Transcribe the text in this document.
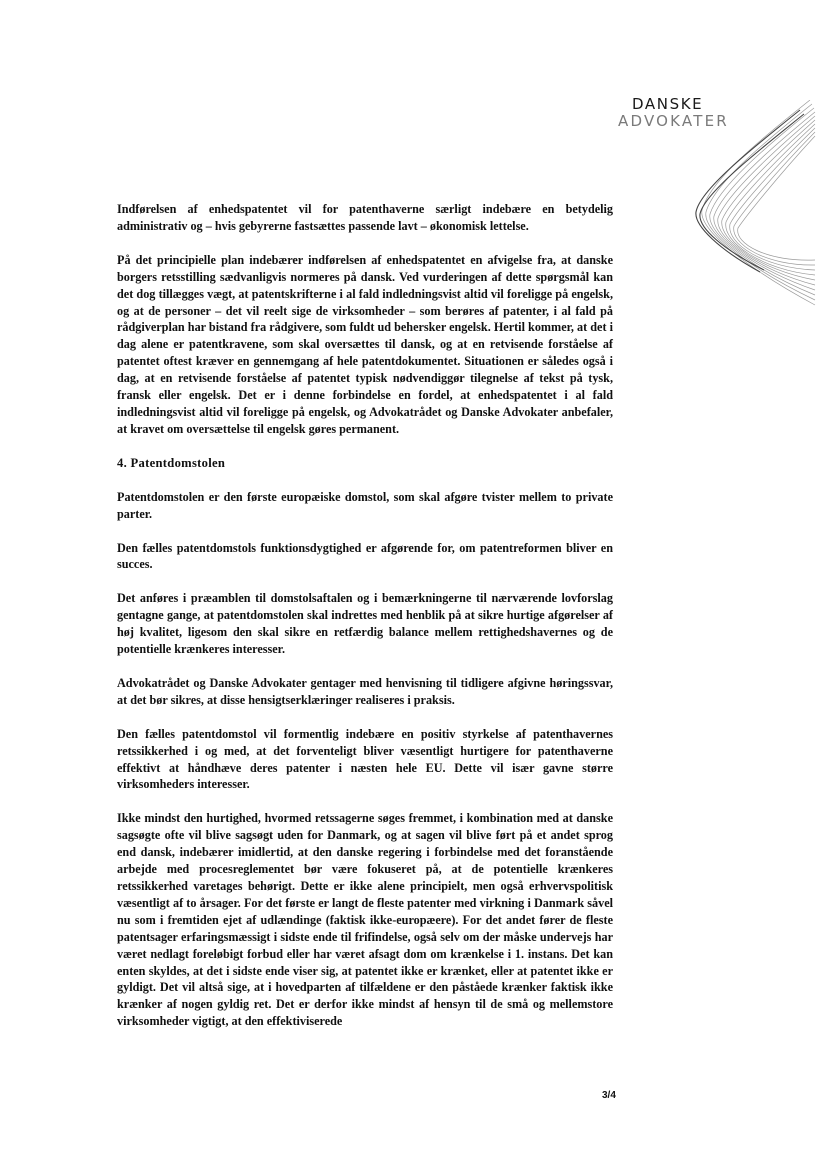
DANSKE
ADVOKATER

Indførelsen af enhedspatentet vil for patenthaverne særligt indebære en betydelig administrativ og – hvis gebyrerne fastsættes passende lavt – økonomisk lettelse.

På det principielle plan indebærer indførelsen af enhedspatentet en afvigelse fra, at danske borgers retsstilling sædvanligvis normeres på dansk. Ved vurderingen af dette spørgsmål kan det dog tillægges vægt, at patentskrifterne i al fald indledningsvist altid vil foreligge på engelsk, og at de personer – det vil reelt sige de virksomheder – som berøres af patenter, i al fald på rådgiverplan har bistand fra rådgivere, som fuldt ud behersker engelsk. Hertil kommer, at det i dag alene er patentkravene, som skal oversættes til dansk, og at en retvisende forståelse af patentet oftest kræver en gennemgang af hele patentdokumentet. Situationen er således også i dag, at en retvisende forståelse af patentet typisk nødvendiggør tilegnelse af tekst på tysk, fransk eller engelsk. Det er i denne forbindelse en fordel, at enhedspatentet i al fald indledningsvist altid vil foreligge på engelsk, og Advokatrådet og Danske Advokater anbefaler, at kravet om oversættelse til engelsk gøres permanent.

4. Patentdomstolen

Patentdomstolen er den første europæiske domstol, som skal afgøre tvister mellem to private parter.

Den fælles patentdomstols funktionsdygtighed er afgørende for, om patentreformen bliver en succes.

Det anføres i præamblen til domstolsaftalen og i bemærkningerne til nærværende lovforslag gentagne gange, at patentdomstolen skal indrettes med henblik på at sikre hurtige afgørelser af høj kvalitet, ligesom den skal sikre en retfærdig balance mellem rettighedshavernes og de potentielle krænkeres interesser.

Advokatrådet og Danske Advokater gentager med henvisning til tidligere afgivne høringssvar, at det bør sikres, at disse hensigtserklæringer realiseres i praksis.

Den fælles patentdomstol vil formentlig indebære en positiv styrkelse af patenthavernes retssikkerhed i og med, at det forventeligt bliver væsentligt hurtigere for patenthaverne effektivt at håndhæve deres patenter i næsten hele EU. Dette vil især gavne større virksomheders interesser.

Ikke mindst den hurtighed, hvormed retssagerne søges fremmet, i kombination med at danske sagsøgte ofte vil blive sagsøgt uden for Danmark, og at sagen vil blive ført på et andet sprog end dansk, indebærer imidlertid, at den danske regering i forbindelse med det foranstående arbejde med procesreglementet bør være fokuseret på, at de potentielle krænkeres retssikkerhed varetages behørigt. Dette er ikke alene principielt, men også erhvervspolitisk væsentligt af to årsager. For det første er langt de fleste patenter med virkning i Danmark såvel nu som i fremtiden ejet af udlændinge (faktisk ikke-europæere). For det andet fører de fleste patentsager erfaringsmæssigt i sidste ende til frifindelse, også selv om der måske undervejs har været nedlagt foreløbigt forbud eller har været afsagt dom om krænkelse i 1. instans. Det kan enten skyldes, at det i sidste ende viser sig, at patentet ikke er krænket, eller at patentet ikke er gyldigt. Det vil altså sige, at i hovedparten af tilfældene er den påståede krænker faktisk ikke krænker af nogen gyldig ret. Det er derfor ikke mindst af hensyn til de små og mellemstore virksomheder vigtigt, at den effektiviserede

3/4
